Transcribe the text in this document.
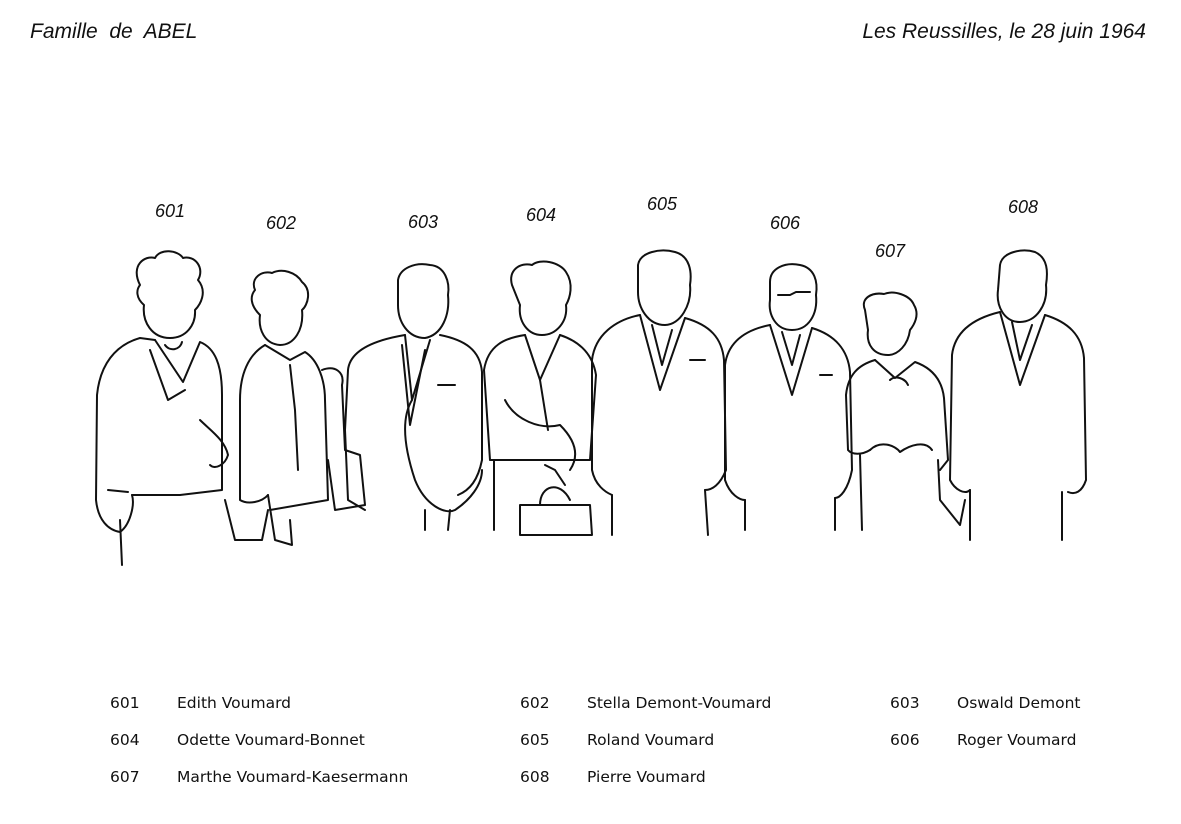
Famille  de  ABEL	Les Reussilles, le 28 juin 1964
601
602	603	604
605
606
607
608
601 Edith Voumard	602 Stella Demont-Voumard	603 Oswald Demont
604 Odette Voumard-Bonnet	605 Roland Voumard	606 Roger Voumard
607 Marthe Voumard-Kaesermann	608 Pierre Voumard
